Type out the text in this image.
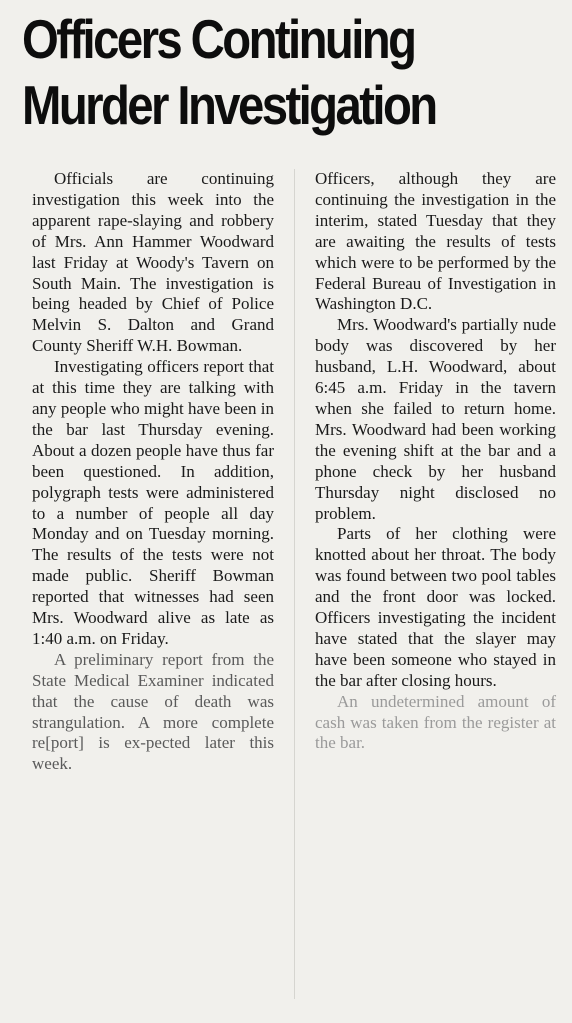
Officers Continuing
Murder Investigation

Officials are continuing investigation this week into the apparent rape-slaying and robbery of Mrs. Ann Hammer Woodward last Friday at Woody's Tavern on South Main. The investigation is being headed by Chief of Police Melvin S. Dalton and Grand County Sheriff W.H. Bowman.

Investigating officers report that at this time they are talking with any people who might have been in the bar last Thursday evening. About a dozen people have thus far been questioned. In addition, polygraph tests were administered to a number of people all day Monday and on Tuesday morning. The results of the tests were not made public. Sheriff Bowman reported that witnesses had seen Mrs. Woodward alive as late as 1:40 a.m. on Friday.

A preliminary report from the State Medical Examiner indicated that the cause of death was strangulation. A more complete re[port] is ex-pected later this week.

Officers, although they are continuing the investigation in the interim, stated Tuesday that they are awaiting the results of tests which were to be performed by the Federal Bureau of Investigation in Washington D.C.

Mrs. Woodward's partially nude body was discovered by her husband, L.H. Woodward, about 6:45 a.m. Friday in the tavern when she failed to return home. Mrs. Woodward had been working the evening shift at the bar and a phone check by her husband Thursday night disclosed no problem.

Parts of her clothing were knotted about her throat. The body was found between two pool tables and the front door was locked. Officers investigating the incident have stated that the slayer may have been someone who stayed in the bar after closing hours.

An undetermined amount of cash was taken from the register at the bar.
